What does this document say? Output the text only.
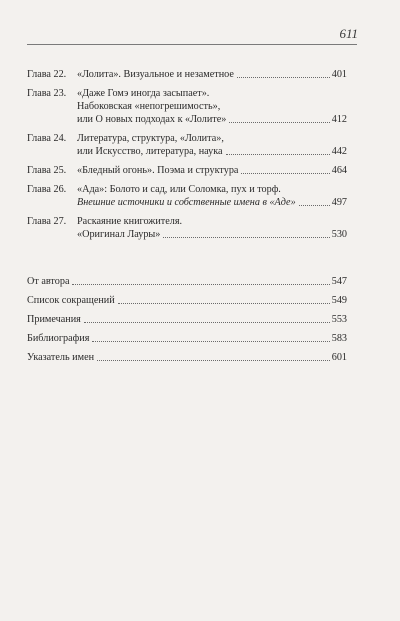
611
Глава 22. «Лолита». Визуальное и незаметное	401
Глава 23. «Даже Гомэ иногда засыпает».
Набоковская «непогрешимость»,
или О новых подходах к «Лолите»	412
Глава 24. Литература, структура, «Лолита»,
или Искусство, литература, наука	442
Глава 25. «Бледный огонь». Поэма и структура	464
Глава 26. «Ада»: Болото и сад, или Соломка, пух и торф.
Внешние источники и собственные имена в «Аде»	497
Глава 27. Раскаяние книгожителя.
«Оригинал Лауры»	530
От автора	547
Список сокращений	549
Примечания	553
Библиография	583
Указатель имен	601
